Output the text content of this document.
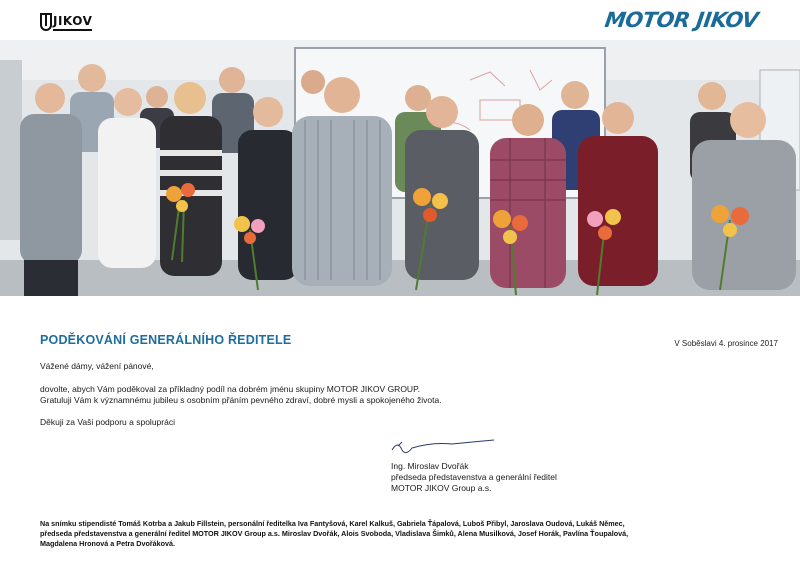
JIKOV	MOTOR JIKOV
PODĚKOVÁNÍ GENERÁLNÍHO ŘEDITELE	V Soběslavi 4. prosince 2017
Vážené dámy, vážení pánové,
dovolte, abych Vám poděkoval za příkladný podíl na dobrém jménu skupiny MOTOR JIKOV GROUP.
Gratuluji Vám k významnému jubileu s osobním přáním pevného zdraví, dobré mysli a spokojeného života.
Děkuji za Vaši podporu a spolupráci
Ing. Miroslav Dvořák
předseda představenstva a generální ředitel
MOTOR JIKOV Group a.s.
Na snímku stipendisté Tomáš Kotrba a Jakub Fillstein, personální ředitelka Iva Fantyšová, Karel Kalkuš, Gabriela Ťápalová, Luboš Přibyl, Jaroslava Oudová, Lukáš Němec,
předseda představenstva a generální ředitel MOTOR JIKOV Group a.s. Miroslav Dvořák, Alois Svoboda, Vladislava Šimků, Alena Musilková, Josef Horák, Pavlína Ťoupalová,
Magdalena Hronová a Petra Dvořáková.
